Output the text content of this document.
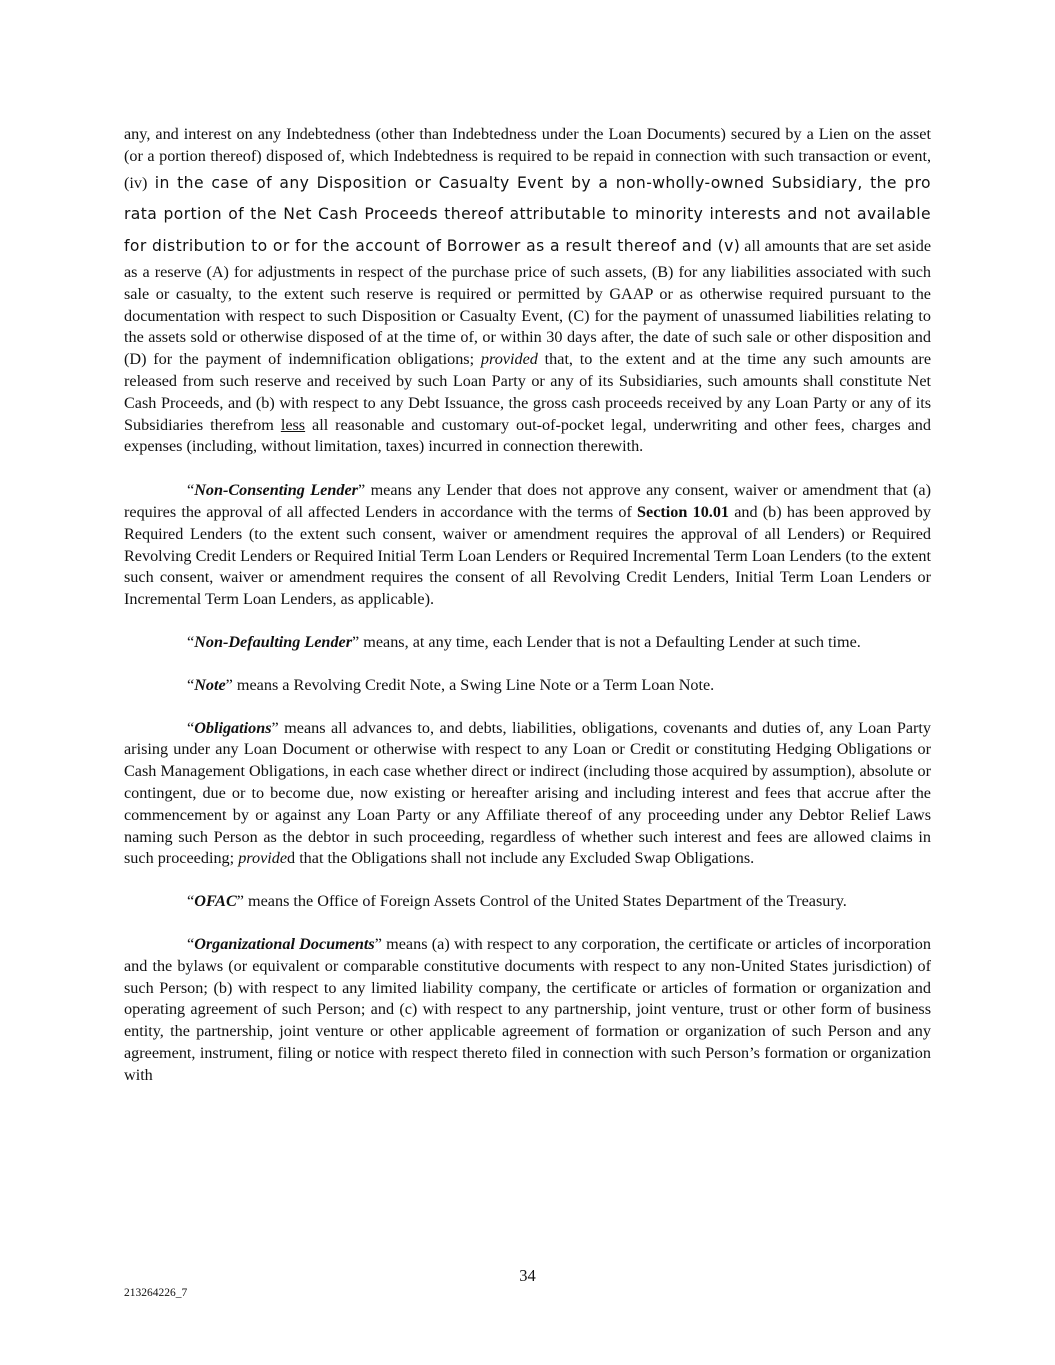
any, and interest on any Indebtedness (other than Indebtedness under the Loan Documents) secured by a Lien on the asset (or a portion thereof) disposed of, which Indebtedness is required to be repaid in connection with such transaction or event, (iv) in the case of any Disposition or Casualty Event by a non-wholly-owned Subsidiary, the pro rata portion of the Net Cash Proceeds thereof attributable to minority interests and not available for distribution to or for the account of Borrower as a result thereof and (v) all amounts that are set aside as a reserve (A) for adjustments in respect of the purchase price of such assets, (B) for any liabilities associated with such sale or casualty, to the extent such reserve is required or permitted by GAAP or as otherwise required pursuant to the documentation with respect to such Disposition or Casualty Event, (C) for the payment of unassumed liabilities relating to the assets sold or otherwise disposed of at the time of, or within 30 days after, the date of such sale or other disposition and (D) for the payment of indemnification obligations; provided that, to the extent and at the time any such amounts are released from such reserve and received by such Loan Party or any of its Subsidiaries, such amounts shall constitute Net Cash Proceeds, and (b) with respect to any Debt Issuance, the gross cash proceeds received by any Loan Party or any of its Subsidiaries therefrom less all reasonable and customary out-of-pocket legal, underwriting and other fees, charges and expenses (including, without limitation, taxes) incurred in connection therewith.

“Non-Consenting Lender” means any Lender that does not approve any consent, waiver or amendment that (a) requires the approval of all affected Lenders in accordance with the terms of Section 10.01 and (b) has been approved by Required Lenders (to the extent such consent, waiver or amendment requires the approval of all Lenders) or Required Revolving Credit Lenders or Required Initial Term Loan Lenders or Required Incremental Term Loan Lenders (to the extent such consent, waiver or amendment requires the consent of all Revolving Credit Lenders, Initial Term Loan Lenders or Incremental Term Loan Lenders, as applicable).

“Non-Defaulting Lender” means, at any time, each Lender that is not a Defaulting Lender at such time.

“Note” means a Revolving Credit Note, a Swing Line Note or a Term Loan Note.

“Obligations” means all advances to, and debts, liabilities, obligations, covenants and duties of, any Loan Party arising under any Loan Document or otherwise with respect to any Loan or Credit or constituting Hedging Obligations or Cash Management Obligations, in each case whether direct or indirect (including those acquired by assumption), absolute or contingent, due or to become due, now existing or hereafter arising and including interest and fees that accrue after the commencement by or against any Loan Party or any Affiliate thereof of any proceeding under any Debtor Relief Laws naming such Person as the debtor in such proceeding, regardless of whether such interest and fees are allowed claims in such proceeding; provided that the Obligations shall not include any Excluded Swap Obligations.

“OFAC” means the Office of Foreign Assets Control of the United States Department of the Treasury.

“Organizational Documents” means (a) with respect to any corporation, the certificate or articles of incorporation and the bylaws (or equivalent or comparable constitutive documents with respect to any non-United States jurisdiction) of such Person; (b) with respect to any limited liability company, the certificate or articles of formation or organization and operating agreement of such Person; and (c) with respect to any partnership, joint venture, trust or other form of business entity, the partnership, joint venture or other applicable agreement of formation or organization of such Person and any agreement, instrument, filing or notice with respect thereto filed in connection with such Person’s formation or organization with

34
213264226_7
